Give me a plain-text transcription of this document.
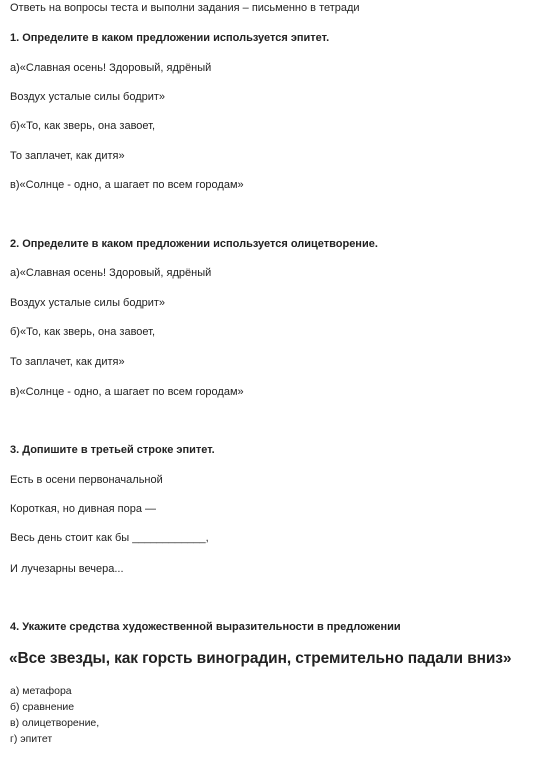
Ответь на вопросы теста и выполни задания – письменно в тетради
1. Определите в каком предложении используется эпитет.
а)«Славная осень! Здоровый, ядрёный
Воздух усталые силы бодрит»
б)«То, как зверь, она завоет,
То заплачет, как дитя»
в)«Солнце - одно, а шагает по всем городам»
2. Определите в каком предложении используется олицетворение.
а)«Славная осень! Здоровый, ядрёный
Воздух усталые силы бодрит»
б)«То, как зверь, она завоет,
То заплачет, как дитя»
в)«Солнце - одно, а шагает по всем городам»
3. Допишите в третьей строке эпитет.
Есть в осени первоначальной
Короткая, но дивная пора —
Весь день стоит как бы ____________,
И лучезарны вечера...
4. Укажите средства художественной выразительности в предложении
«Все звезды, как горсть виноградин, стремительно падали вниз»
а) метафора
б) сравнение
в) олицетворение,
г) эпитет
